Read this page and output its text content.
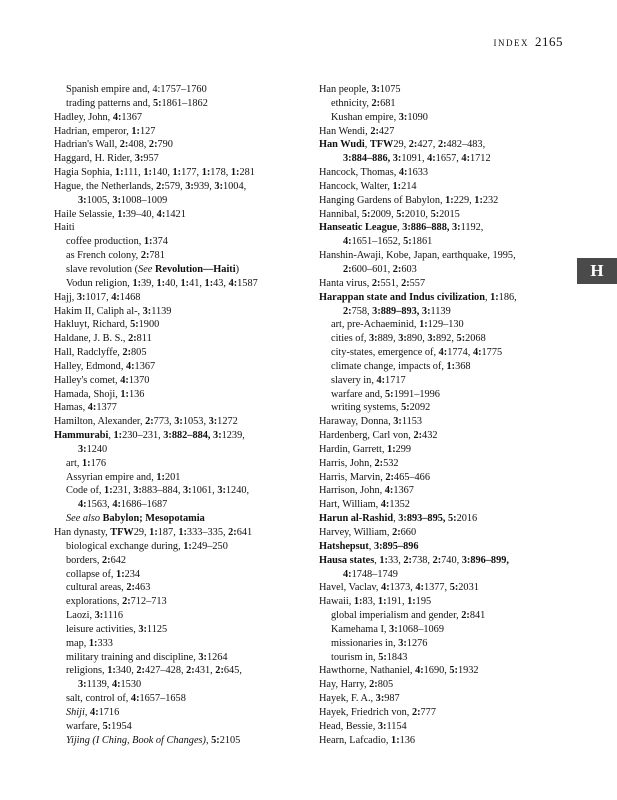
INDEX 2165
Spanish empire and, 4:1757–1760
trading patterns and, 5:1861–1862
Hadley, John, 4:1367
Hadrian, emperor, 1:127
Hadrian's Wall, 2:408, 2:790
Haggard, H. Rider, 3:957
Hagia Sophia, 1:111, 1:140, 1:177, 1:178, 1:281
Hague, the Netherlands, 2:579, 3:939, 3:1004,
3:1005, 3:1008–1009
Haile Selassie, 1:39–40, 4:1421
Haiti
coffee production, 1:374
as French colony, 2:781
slave revolution (See Revolution—Haiti)
Vodun religion, 1:39, 1:40, 1:41, 1:43, 4:1587
Hajj, 3:1017, 4:1468
Hakim II, Caliph al-, 3:1139
Hakluyt, Richard, 5:1900
Haldane, J. B. S., 2:811
Hall, Radclyffe, 2:805
Halley, Edmond, 4:1367
Halley's comet, 4:1370
Hamada, Shoji, 1:136
Hamas, 4:1377
Hamilton, Alexander, 2:773, 3:1053, 3:1272
Hammurabi, 1:230–231, 3:882–884, 3:1239,
3:1240
art, 1:176
Assyrian empire and, 1:201
Code of, 1:231, 3:883–884, 3:1061, 3:1240,
4:1563, 4:1686–1687
See also Babylon; Mesopotamia
Han dynasty, TFW29, 1:187, 1:333–335, 2:641
biological exchange during, 1:249–250
borders, 2:642
collapse of, 1:234
cultural areas, 2:463
explorations, 2:712–713
Laozi, 3:1116
leisure activities, 3:1125
map, 1:333
military training and discipline, 3:1264
religions, 1:340, 2:427–428, 2:431, 2:645,
3:1139, 4:1530
salt, control of, 4:1657–1658
Shiji, 4:1716
warfare, 5:1954
Yijing (I Ching, Book of Changes), 5:2105
Han people, 3:1075
ethnicity, 2:681
Kushan empire, 3:1090
Han Wendi, 2:427
Han Wudi, TFW29, 2:427, 2:482–483,
3:884–886, 3:1091, 4:1657, 4:1712
Hancock, Thomas, 4:1633
Hancock, Walter, 1:214
Hanging Gardens of Babylon, 1:229, 1:232
Hannibal, 5:2009, 5:2010, 5:2015
Hanseatic League, 3:886–888, 3:1192,
4:1651–1652, 5:1861
Hanshin-Awaji, Kobe, Japan, earthquake, 1995,
2:600–601, 2:603
Hanta virus, 2:551, 2:557
Harappan state and Indus civilization, 1:186,
2:758, 3:889–893, 3:1139
art, pre-Achaeminid, 1:129–130
cities of, 3:889, 3:890, 3:892, 5:2068
city-states, emergence of, 4:1774, 4:1775
climate change, impacts of, 1:368
slavery in, 4:1717
warfare and, 5:1991–1996
writing systems, 5:2092
Haraway, Donna, 3:1153
Hardenberg, Carl von, 2:432
Hardin, Garrett, 1:299
Harris, John, 2:532
Harris, Marvin, 2:465–466
Harrison, John, 4:1367
Hart, William, 4:1352
Harun al-Rashid, 3:893–895, 5:2016
Harvey, William, 2:660
Hatshepsut, 3:895–896
Hausa states, 1:33, 2:738, 2:740, 3:896–899,
4:1748–1749
Havel, Vaclav, 4:1373, 4:1377, 5:2031
Hawaii, 1:83, 1:191, 1:195
global imperialism and gender, 2:841
Kamehama I, 3:1068–1069
missionaries in, 3:1276
tourism in, 5:1843
Hawthorne, Nathaniel, 4:1690, 5:1932
Hay, Harry, 2:805
Hayek, F. A., 3:987
Hayek, Friedrich von, 2:777
Head, Bessie, 3:1154
Hearn, Lafcadio, 1:136
H
